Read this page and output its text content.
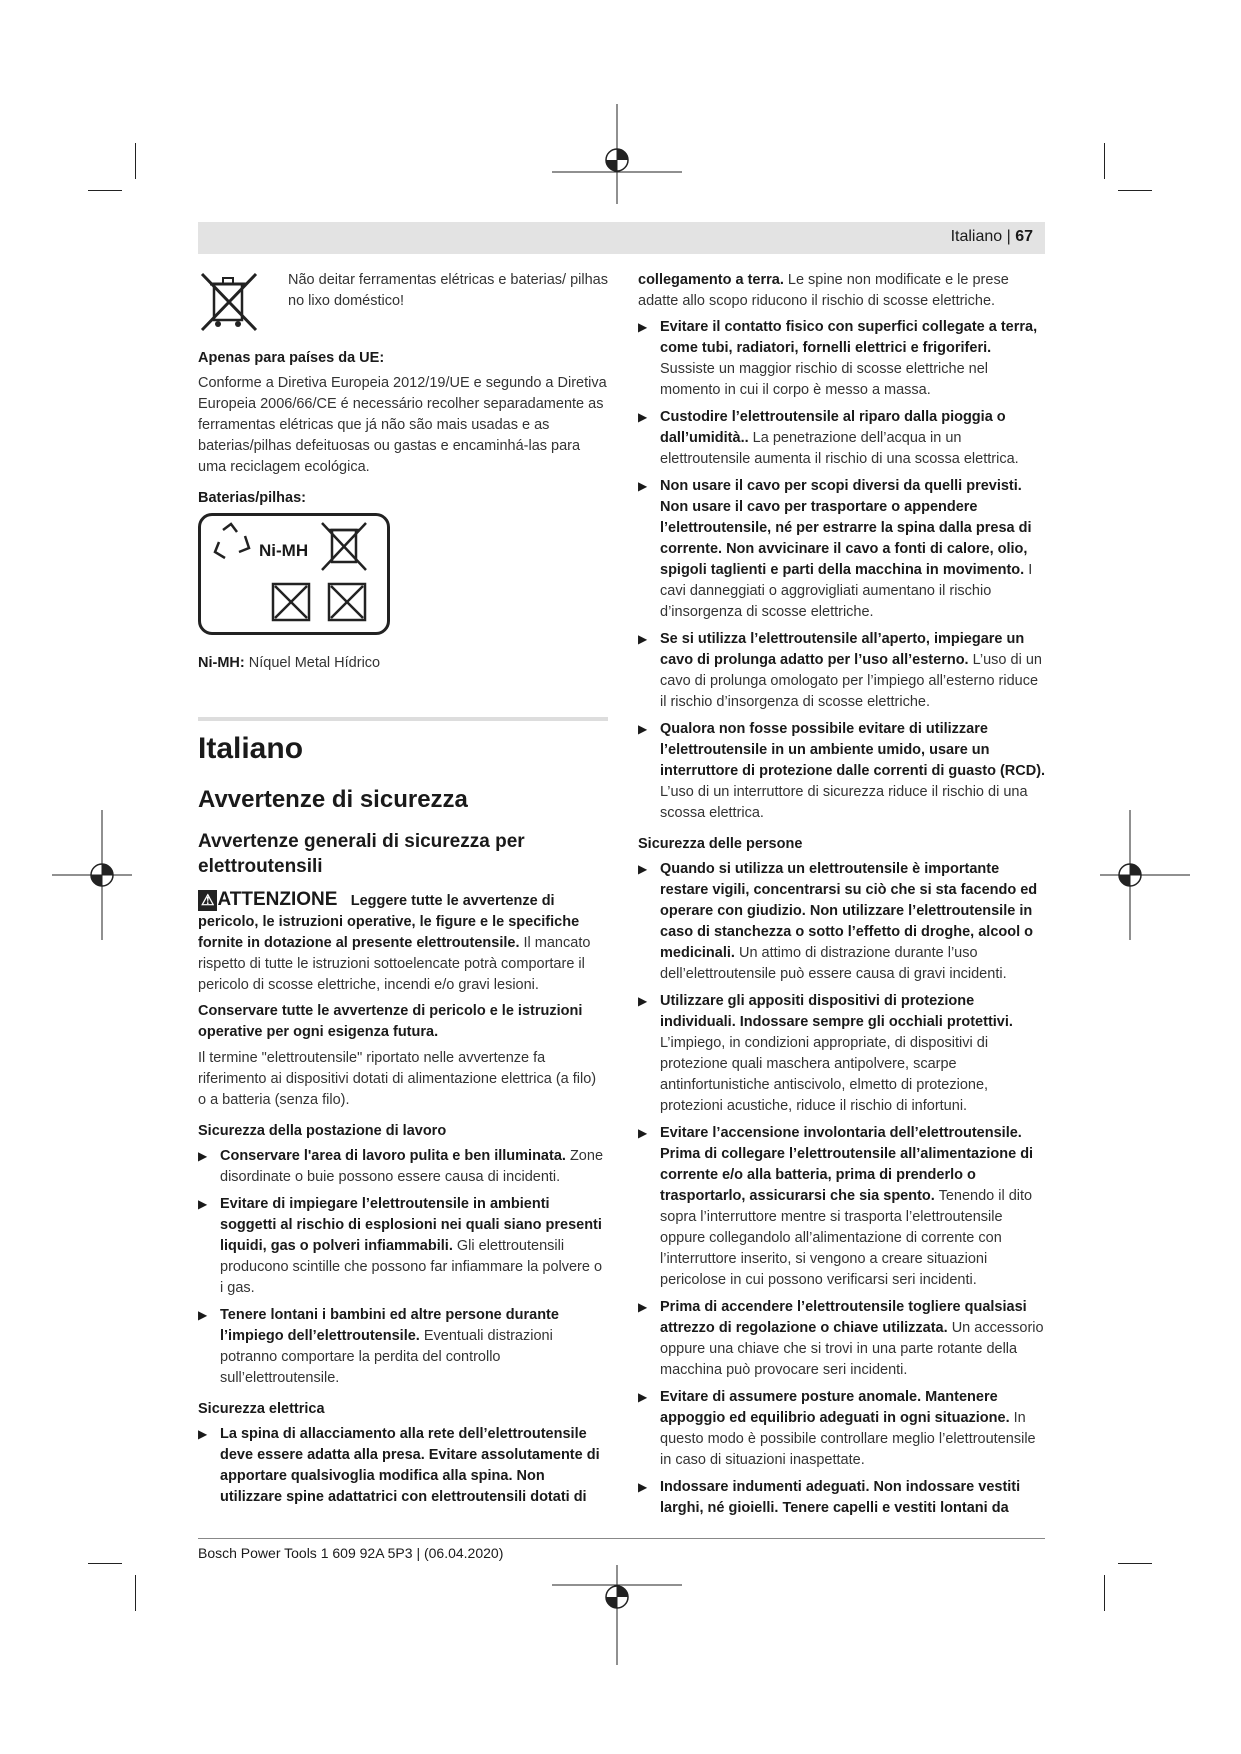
Italiano | 67
Não deitar ferramentas elétricas e baterias/ pilhas no lixo doméstico!

Apenas para países da UE:

Conforme a Diretiva Europeia 2012/19/UE e segundo a Diretiva Europeia 2006/66/CE é necessário recolher separadamente as ferramentas elétricas que já não são mais usadas e as baterias/pilhas defeituosas ou gastas e encaminhá-las para uma reciclagem ecológica.

Baterias/pilhas:

Ni-MH

Ni-MH: Níquel Metal Hídrico

Italiano
Avvertenze di sicurezza
Avvertenze generali di sicurezza per elettroutensili

⚠ ATTENZIONE Leggere tutte le avvertenze di pericolo, le istruzioni operative, le figure e le specifiche fornite in dotazione al presente elettroutensile. Il mancato rispetto di tutte le istruzioni sottoelencate potrà comportare il pericolo di scosse elettriche, incendi e/o gravi lesioni.

Conservare tutte le avvertenze di pericolo e le istruzioni operative per ogni esigenza futura.

Il termine "elettroutensile" riportato nelle avvertenze fa riferimento ai dispositivi dotati di alimentazione elettrica (a filo) o a batteria (senza filo).

Sicurezza della postazione di lavoro

▶ Conservare l'area di lavoro pulita e ben illuminata. Zone disordinate o buie possono essere causa di incidenti.
▶ Evitare di impiegare l’elettroutensile in ambienti soggetti al rischio di esplosioni nei quali siano presenti liquidi, gas o polveri infiammabili. Gli elettroutensili producono scintille che possono far infiammare la polvere o i gas.
▶ Tenere lontani i bambini ed altre persone durante l’impiego dell’elettroutensile. Eventuali distrazioni potranno comportare la perdita del controllo sull’elettroutensile.

Sicurezza elettrica

▶ La spina di allacciamento alla rete dell’elettroutensile deve essere adatta alla presa. Evitare assolutamente di apportare qualsivoglia modifica alla spina. Non utilizzare spine adattatrici con elettroutensili dotati di

collegamento a terra. Le spine non modificate e le prese adatte allo scopo riducono il rischio di scosse elettriche.

▶ Evitare il contatto fisico con superfici collegate a terra, come tubi, radiatori, fornelli elettrici e frigoriferi. Sussiste un maggior rischio di scosse elettriche nel momento in cui il corpo è messo a massa.
▶ Custodire l’elettroutensile al riparo dalla pioggia o dall’umidità.. La penetrazione dell’acqua in un elettroutensile aumenta il rischio di una scossa elettrica.
▶ Non usare il cavo per scopi diversi da quelli previsti. Non usare il cavo per trasportare o appendere l’elettroutensile, né per estrarre la spina dalla presa di corrente. Non avvicinare il cavo a fonti di calore, olio, spigoli taglienti e parti della macchina in movimento. I cavi danneggiati o aggrovigliati aumentano il rischio d’insorgenza di scosse elettriche.
▶ Se si utilizza l’elettroutensile all’aperto, impiegare un cavo di prolunga adatto per l’uso all’esterno. L’uso di un cavo di prolunga omologato per l’impiego all’esterno riduce il rischio d’insorgenza di scosse elettriche.
▶ Qualora non fosse possibile evitare di utilizzare l’elettroutensile in un ambiente umido, usare un interruttore di protezione dalle correnti di guasto (RCD). L’uso di un interruttore di sicurezza riduce il rischio di una scossa elettrica.

Sicurezza delle persone

▶ Quando si utilizza un elettroutensile è importante restare vigili, concentrarsi su ciò che si sta facendo ed operare con giudizio. Non utilizzare l’elettroutensile in caso di stanchezza o sotto l’effetto di droghe, alcool o medicinali. Un attimo di distrazione durante l’uso dell’elettroutensile può essere causa di gravi incidenti.
▶ Utilizzare gli appositi dispositivi di protezione individuali. Indossare sempre gli occhiali protettivi. L’impiego, in condizioni appropriate, di dispositivi di protezione quali maschera antipolvere, scarpe antinfortunistiche antiscivolo, elmetto di protezione, protezioni acustiche, riduce il rischio di infortuni.
▶ Evitare l’accensione involontaria dell’elettroutensile. Prima di collegare l’elettroutensile all’alimentazione di corrente e/o alla batteria, prima di prenderlo o trasportarlo, assicurarsi che sia spento. Tenendo il dito sopra l’interruttore mentre si trasporta l’elettroutensile oppure collegandolo all’alimentazione di corrente con l’interruttore inserito, si vengono a creare situazioni pericolose in cui possono verificarsi seri incidenti.
▶ Prima di accendere l’elettroutensile togliere qualsiasi attrezzo di regolazione o chiave utilizzata. Un accessorio oppure una chiave che si trovi in una parte rotante della macchina può provocare seri incidenti.
▶ Evitare di assumere posture anomale. Mantenere appoggio ed equilibrio adeguati in ogni situazione. In questo modo è possibile controllare meglio l’elettroutensile in caso di situazioni inaspettate.
▶ Indossare indumenti adeguati. Non indossare vestiti larghi, né gioielli. Tenere capelli e vestiti lontani da
Bosch Power Tools 1 609 92A 5P3 | (06.04.2020)
